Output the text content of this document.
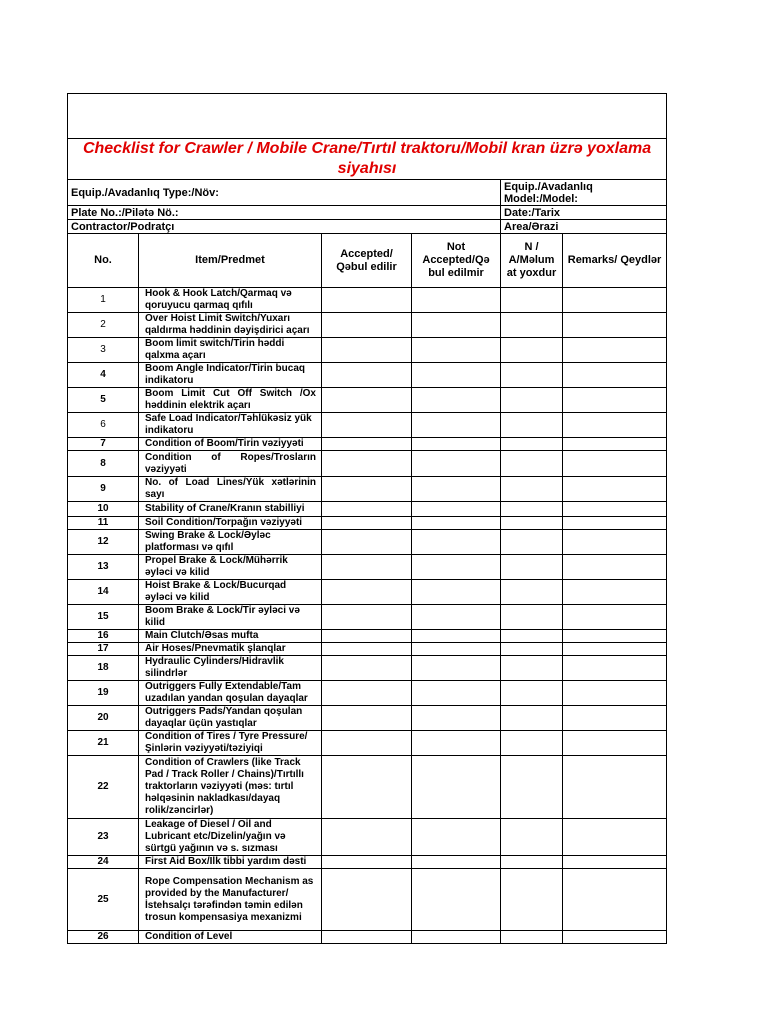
Checklist for Crawler / Mobile Crane/Tırtıl traktoru/Mobil kran üzrə yoxlama siyahısı					
Equip./Avadanlıq Type:/Növ:				Equip./Avadanlıq Model:/Model:	
Plate No.:/Pilətə Nö.:				Date:/Tarix	
Contractor/Podratçı				Area/Ərazi	
No.	Item/Predmet	Accepted/ Qəbul edilir	Not Accepted/Qə bul edilmir	N / A/Məlum at yoxdur	Remarks/ Qeydlər
1	Hook & Hook Latch/Qarmaq və qoruyucu qarmaq qıfılı				
2	Over Hoist Limit Switch/Yuxarı qaldırma həddinin dəyişdirici açarı				
3	Boom limit switch/Tirin həddi qalxma açarı				
4	Boom Angle Indicator/Tirin bucaq indikatoru				
5	Boom Limit Cut Off Switch /Ox həddinin elektrik açarı				
6	Safe Load Indicator/Təhlükəsiz yük indikatoru				
7	Condition of Boom/Tirin vəziyyəti				
8	Condition of Ropes/Trosların vəziyyəti				
9	No. of Load Lines/Yük xətlərinin sayı				
10	Stability of Crane/Kranın stabilliyi				
11	Soil Condition/Torpağın vəziyyəti				
12	Swing Brake & Lock/Əyləc platforması və qıfıl				
13	Propel Brake & Lock/Mühərrik əyləci və kilid				
14	Hoist Brake & Lock/Bucurqad əyləci və kilid				
15	Boom Brake & Lock/Tir əyləci və kilid				
16	Main Clutch/Əsas mufta				
17	Air Hoses/Pnevmatik şlanqlar				
18	Hydraulic Cylinders/Hidravlik silindrlər				
19	Outriggers Fully Extendable/Tam uzadılan yandan qoşulan dayaqlar				
20	Outriggers Pads/Yandan qoşulan dayaqlar üçün yastıqlar				
21	Condition of Tires / Tyre Pressure/Şinlərin vəziyyəti/təziyiqi				
22	Condition of Crawlers (like Track Pad / Track Roller / Chains)/Tırtıllı traktorların vəziyyəti (məs: tırtıl həlqəsinin nakladkası/dayaq rolik/zəncirlər)				
23	Leakage of Diesel / Oil and Lubricant etc/Dizelin/yağın və sürtgü yağının və s. sızması				
24	First Aid Box/Ilk tibbi yardım dəsti				
25	Rope Compensation Mechanism as provided by the Manufacturer/İstehsalçı tərəfindən təmin edilən trosun kompensasiya mexanizmi				
26	Condition of Level				
